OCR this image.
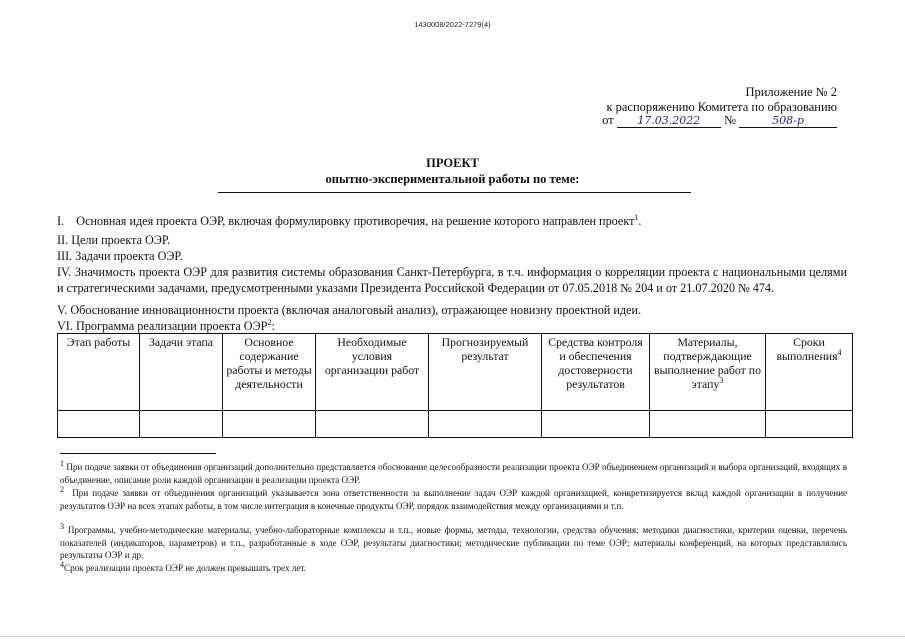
1430008/2022-7279(4)
Приложение № 2
к распоряжению Комитета по образованию
от 17.03.2022 №	508-р
ПРОЕКТ
опытно-экспериментальной работы по теме:
I. Основная идея проекта ОЭР, включая формулировку противоречия, на решение которого направлен проект$^1$.
II. Цели проекта ОЭР.
III. Задачи проекта ОЭР.
IV. Значимость проекта ОЭР для развития системы образования Санкт-Петербурга, в т.ч. информация о корреляции проекта с национальными целями и стратегическими задачами, предусмотренными указами Президента Российской Федерации от 07.05.2018 № 204 и от 21.07.2020 № 474.
V. Обоснование инновационности проекта (включая аналоговый анализ), отражающее новизну проектной идеи.
VI. Программа реализации проекта ОЭР$^2$:
Этап работы	Задачи этапа	Основное содержание работы и методы деятельности	Необходимые условия организации работ	Прогнозируемый результат	Средства контроля и обеспечения достоверности результатов	Материалы, подтверждающие выполнение работ по этапу$^3$	Сроки выполнения$^4$

$^1$ При подаче заявки от объединения организаций дополнительно представляется обоснование целесообразности реализации проекта ОЭР объединением организаций и выбора организаций, входящих в объединение, описание роли каждой организации в реализации проекта ОЭР.
$^2$ При подаче заявки от объединения организаций указывается зона ответственности за выполнение задач ОЭР каждой организацией, конкретизируется вклад каждой организации в получение результатов ОЭР на всех этапах работы, в том числе интеграция в конечные продукты ОЭР, порядок взаимодействия между организациями и т.п.
$^3$ Программы, учебно-методические материалы, учебно-лабораторные комплексы и т.п., новые формы, методы, технологии, средства обучения; методики диагностики, критерии оценки, перечень показателей (индикаторов, параметров) и т.п., разработанные в ходе ОЭР, результаты диагностики; методические публикации по теме ОЭР; материалы конференций, на которых представлялись результаты ОЭР и др.
$^4$Срок реализации проекта ОЭР не должен превышать трех лет.
